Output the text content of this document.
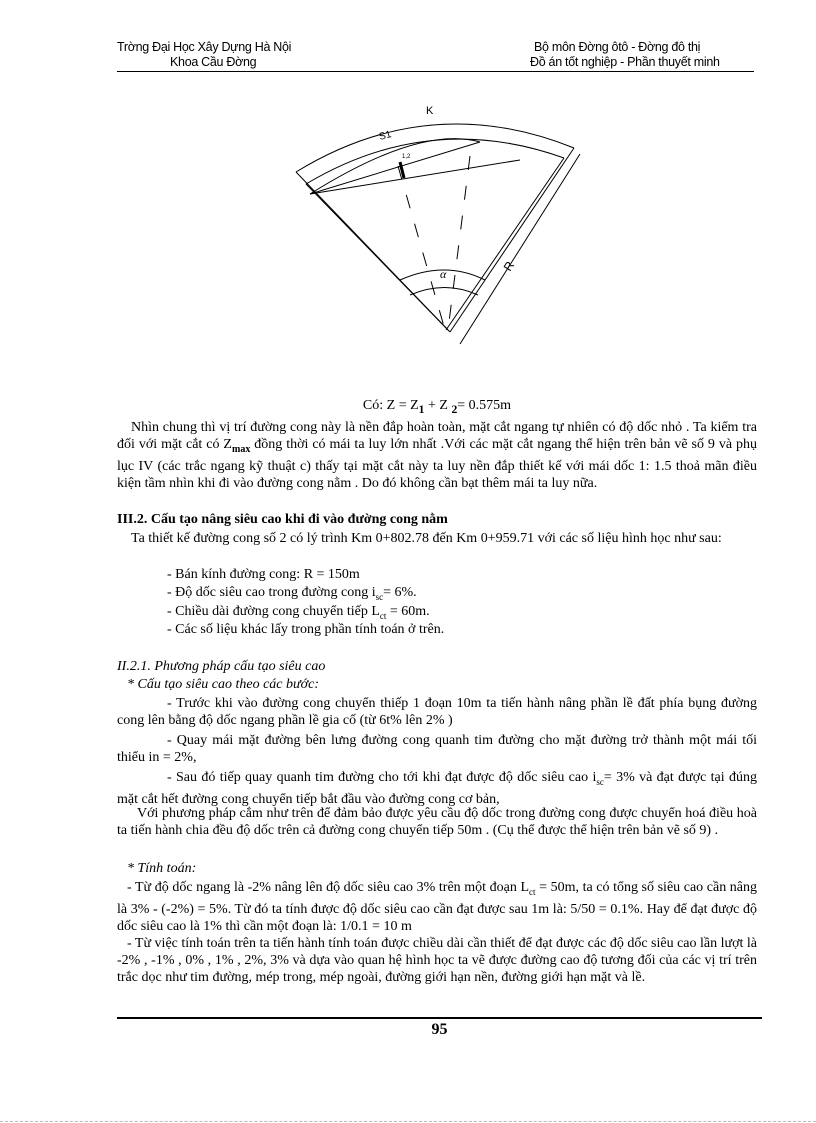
Trờng Đại Học Xây Dựng Hà Nội
Khoa Cầu Đờng
Bộ môn Đờng ôtô - Đờng đô thị
Đồ án tốt nghiệp - Phần thuyết minh
K
S1
1,2
R
α
Có: $Z = Z_1 + Z$ $_2$= 0.575m
Nhìn chung thì vị trí đường cong này là nền đắp hoàn toàn, mặt cắt ngang tự nhiên có độ dốc nhỏ . Ta kiểm tra đối với mặt cắt có $Z_{max}$ đồng thời có mái ta luy lớn nhất .Với các mặt cắt ngang thể hiện trên bản vẽ số 9 và phụ lục IV (các trắc ngang kỹ thuật c) thấy tại mặt cắt này ta luy nền đắp thiết kế với mái dốc 1: 1.5 thoả mãn điều kiện tầm nhìn khi đi vào đường cong nằm . Do đó không cần bạt thêm mái ta luy nữa.
III.2. Cấu tạo nâng siêu cao khi đi vào đường cong nằm
Ta thiết kế đường cong số 2 có lý trình Km 0+802.78 đến Km 0+959.71 với các số liệu hình học như sau:
- Bán kính đường cong: R = 150m
- Độ dốc siêu cao trong đường cong $i_{sc}= 6\%$.
- Chiều dài đường cong chuyển tiếp $L_{ct} = 60m$.
- Các số liệu khác lấy trong phần tính toán ở trên.
II.2.1. Phương pháp cấu tạo siêu cao
* Cấu tạo siêu cao theo các bước:
- Trước khi vào đường cong chuyển thiếp 1 đoạn 10m ta tiến hành nâng phần lề đất phía bụng đường cong lên bằng độ dốc ngang phần lề gia cố (từ 6t% lên 2% )
- Quay mái mặt đường bên lưng đường cong quanh tim đường cho mặt đường trở thành một mái tối thiểu in = 2%,
- Sau đó tiếp quay quanh tim đường cho tới khi đạt được độ dốc siêu cao $i_{sc}= 3\%$ và đạt được tại đúng mặt cắt hết đường cong chuyển tiếp bắt đầu vào đường cong cơ bản,
Với phương pháp cắm như trên để đảm bảo được yêu cầu độ dốc trong đường cong được chuyển hoá điều hoà ta tiến hành chia đều độ dốc trên cả đường cong chuyển tiếp 50m . (Cụ thể được thể hiện trên bản vẽ số 9) .
* Tính toán:
- Từ độ dốc ngang là -2% nâng lên độ dốc siêu cao 3% trên một đoạn $L_{ct} = 50m$, ta có tổng số siêu cao cần nâng là 3% - (-2%) = 5%. Từ đó ta tính được độ dốc siêu cao cần đạt được sau 1m là: 5/50 = 0.1%. Hay để đạt được độ dốc siêu cao là 1% thì cần một đoạn là: 1/0.1 = 10 m
- Từ việc tính toán trên ta tiến hành tính toán được chiều dài cần thiết để đạt được các độ dốc siêu cao lần lượt là -2% , -1% , 0% , 1% , 2%, 3% và dựa vào quan hệ hình học ta vẽ được đường cao độ tương đối của các vị trí trên trắc dọc như tim đường, mép trong, mép ngoài, đường giới hạn nền, đường giới hạn mặt và lề.
95
